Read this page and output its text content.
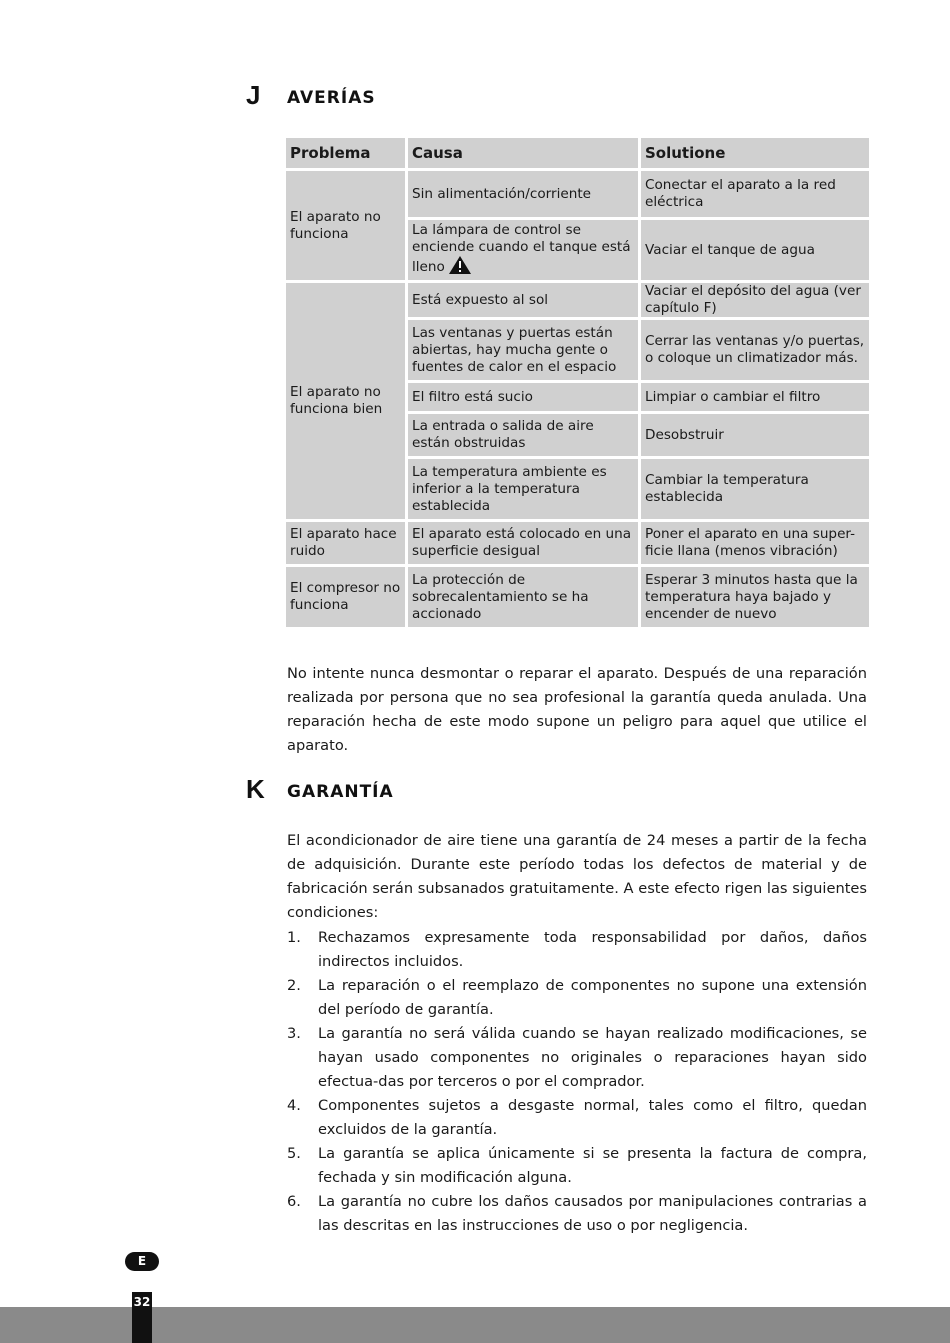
J AVERÍAS
Problema	Causa	Solutione
El aparato no funciona	Sin alimentación/corriente	Conectar el aparato a la red eléctrica
	La lámpara de control se enciende cuando el tanque está lleno	Vaciar el tanque de agua
El aparato no funciona bien	Está expuesto al sol	Vaciar el depósito del agua (ver capítulo F)
	Las ventanas y puertas están abiertas, hay mucha gente o fuentes de calor en el espacio	Cerrar las ventanas y/o puertas, o coloque un climatizador más.
	El filtro está sucio	Limpiar o cambiar el filtro
	La entrada o salida de aire están obstruidas	Desobstruir
	La temperatura ambiente es inferior a la temperatura establecida	Cambiar la temperatura establecida
El aparato hace ruido	El aparato está colocado en una superficie desigual	Poner el aparato en una super-ficie llana (menos vibración)
El compresor no funciona	La protección de sobrecalentamiento se ha accionado	Esperar 3 minutos hasta que la temperatura haya bajado y encender de nuevo

No intente nunca desmontar o reparar el aparato. Después de una reparación realizada por persona que no sea profesional la garantía queda anulada. Una reparación hecha de este modo supone un peligro para aquel que utilice el aparato.

K GARANTÍA

El acondicionador de aire tiene una garantía de 24 meses a partir de la fecha de adquisición. Durante este período todas los defectos de material y de fabricación serán subsanados gratuitamente. A este efecto rigen las siguientes condiciones:

1. Rechazamos expresamente toda responsabilidad por daños, daños indirectos incluidos.
2. La reparación o el reemplazo de componentes no supone una extensión del período de garantía.
3. La garantía no será válida cuando se hayan realizado modificaciones, se hayan usado componentes no originales o reparaciones hayan sido efectua-das por terceros o por el comprador.
4. Componentes sujetos a desgaste normal, tales como el filtro, quedan excluidos de la garantía.
5. La garantía se aplica únicamente si se presenta la factura de compra, fechada y sin modificación alguna.
6. La garantía no cubre los daños causados por manipulaciones contrarias a las descritas en las instrucciones de uso o por negligencia.
E
32
